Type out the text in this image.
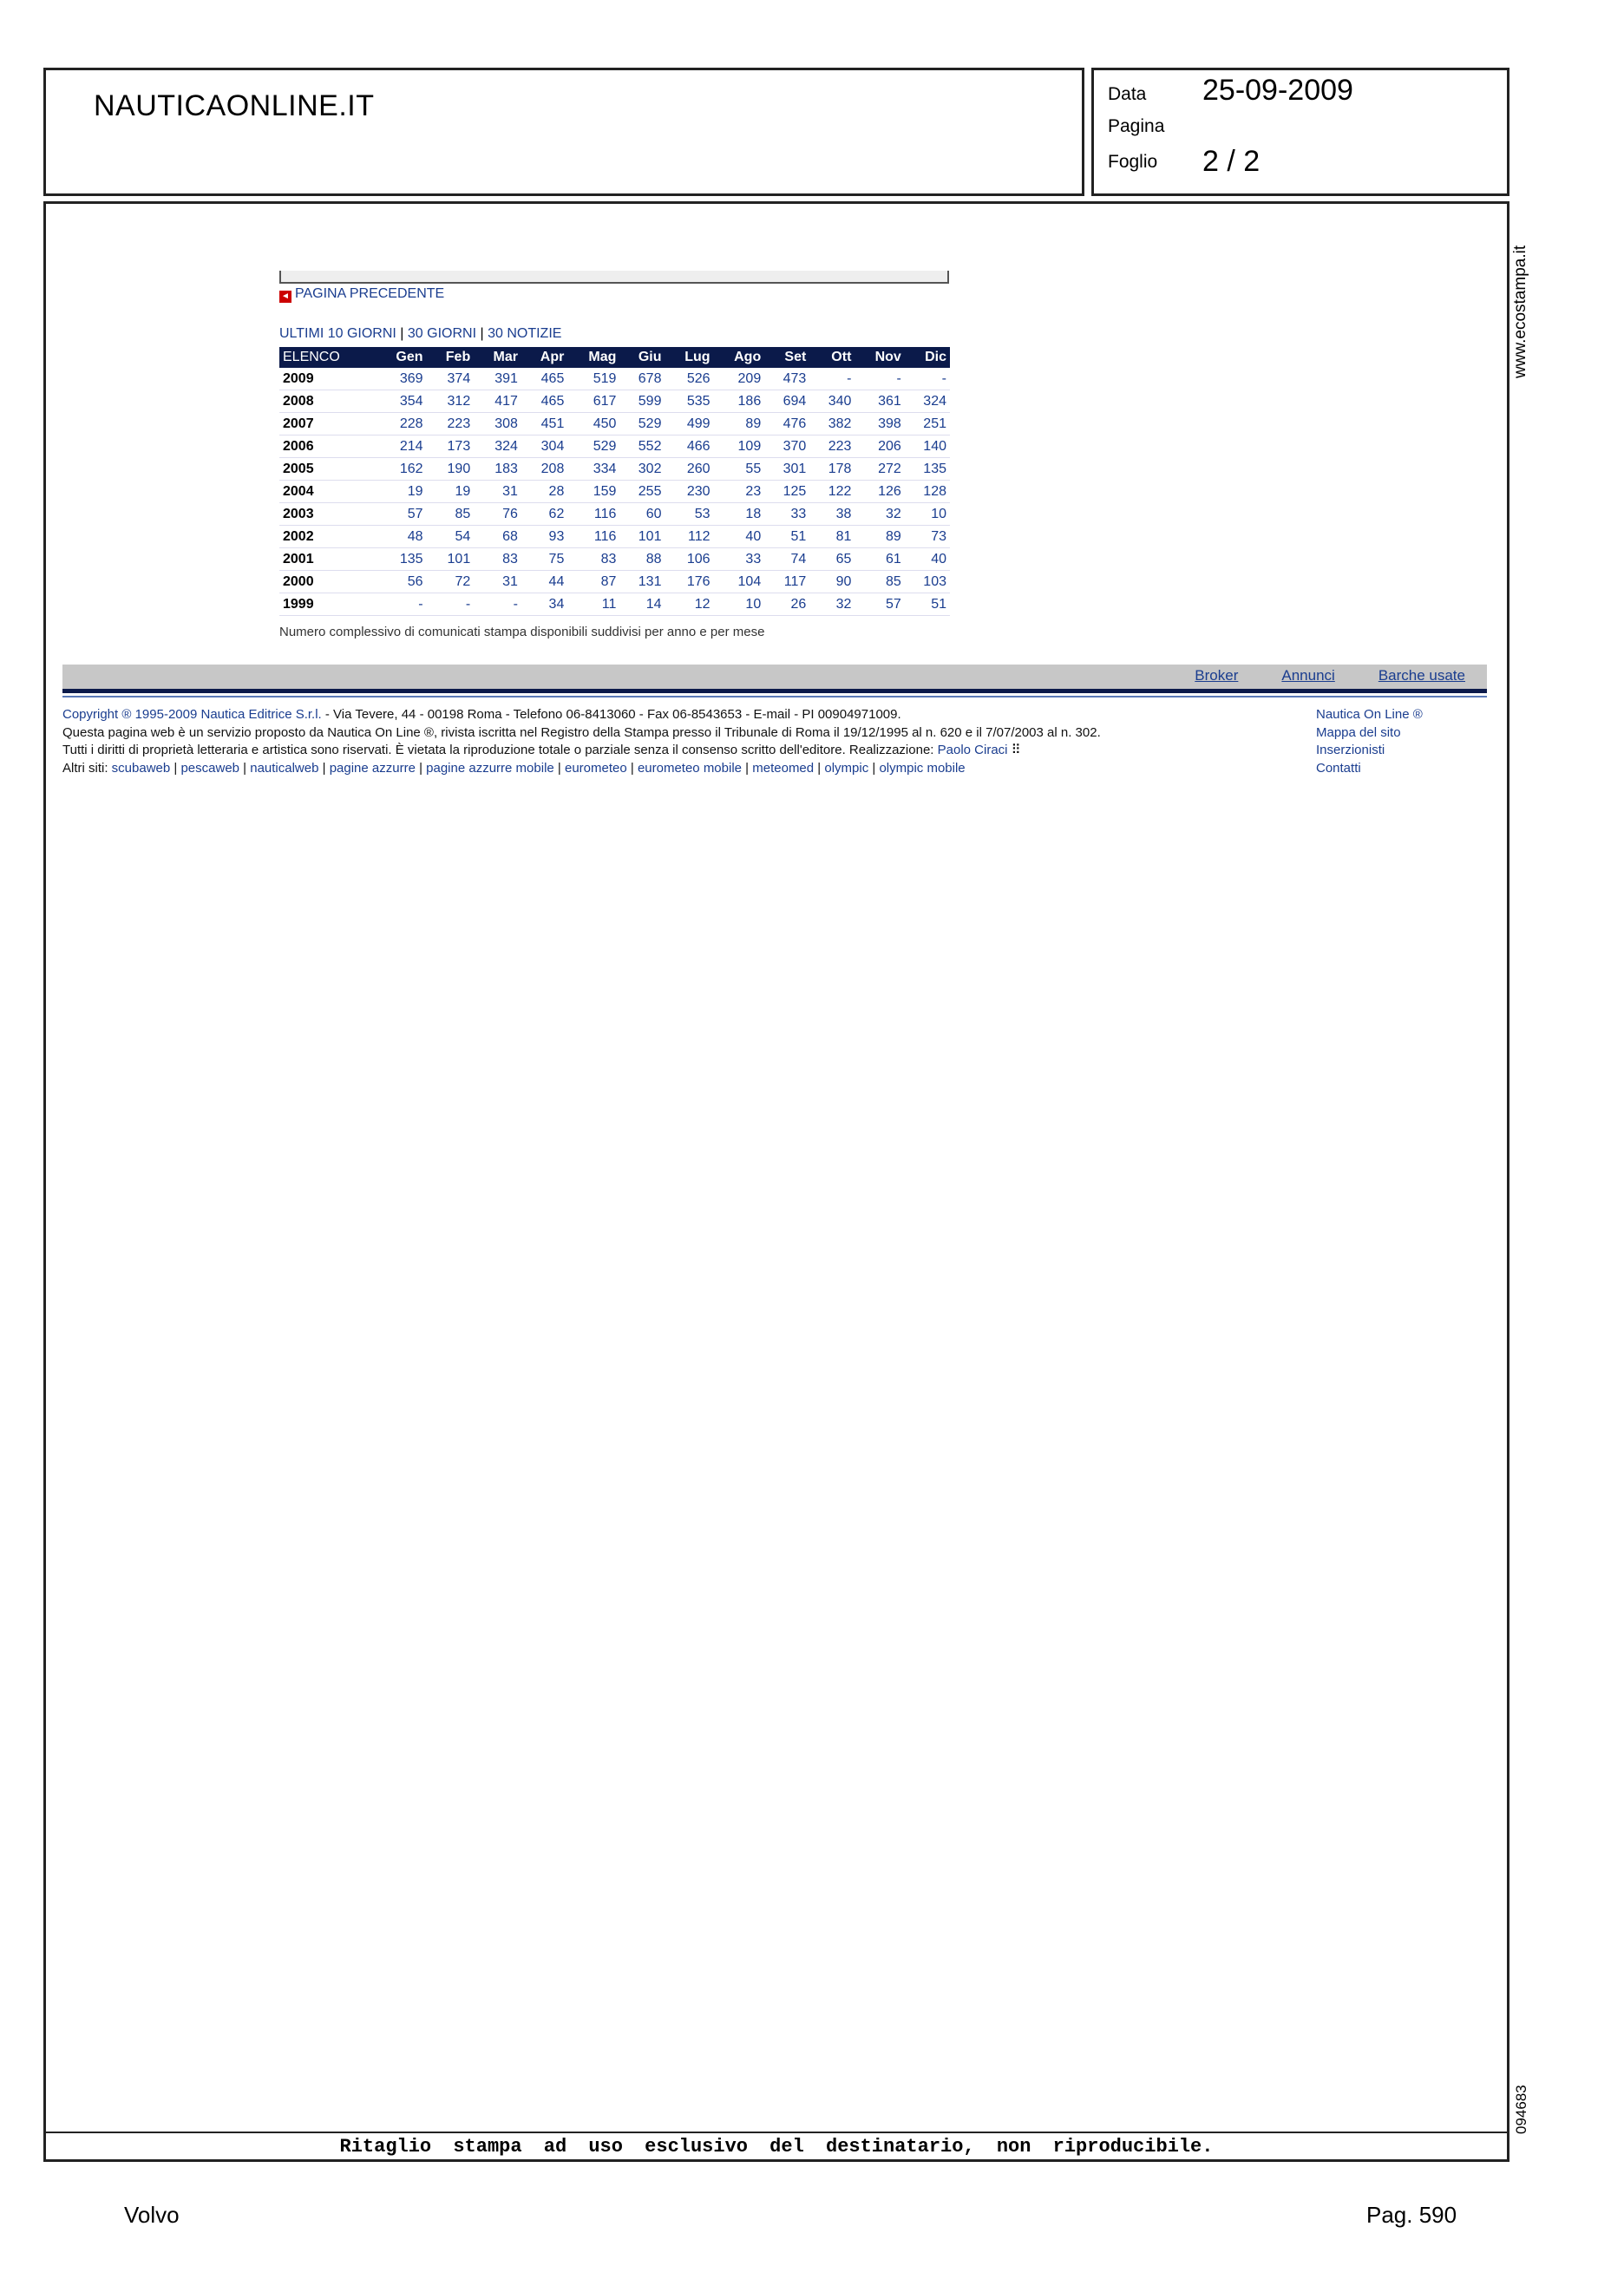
NAUTICAONLINE.IT	Data 25-09-2009
Pagina
Foglio 2 / 2
www.ecostampa.it
094683
◄ PAGINA PRECEDENTE
ULTIMI 10 GIORNI | 30 GIORNI | 30 NOTIZIE
ELENCO	Gen	Feb	Mar	Apr	Mag	Giu	Lug	Ago	Set	Ott	Nov	Dic
2009	369	374	391	465	519	678	526	209	473	-	-	-
2008	354	312	417	465	617	599	535	186	694	340	361	324
2007	228	223	308	451	450	529	499	89	476	382	398	251
2006	214	173	324	304	529	552	466	109	370	223	206	140
2005	162	190	183	208	334	302	260	55	301	178	272	135
2004	19	19	31	28	159	255	230	23	125	122	126	128
2003	57	85	76	62	116	60	53	18	33	38	32	10
2002	48	54	68	93	116	101	112	40	51	81	89	73
2001	135	101	83	75	83	88	106	33	74	65	61	40
2000	56	72	31	44	87	131	176	104	117	90	85	103
1999	-	-	-	34	11	14	12	10	26	32	57	51
Numero complessivo di comunicati stampa disponibili suddivisi per anno e per mese
Broker	Annunci	Barche usate
Copyright ® 1995-2009 Nautica Editrice S.r.l. - Via Tevere, 44 - 00198 Roma - Telefono 06-8413060 - Fax 06-8543653 - E-mail - PI 00904971009.
Questa pagina web è un servizio proposto da Nautica On Line ®, rivista iscritta nel Registro della Stampa presso il Tribunale di Roma il 19/12/1995 al n. 620 e il 7/07/2003 al n. 302.
Tutti i diritti di proprietà letteraria e artistica sono riservati. È vietata la riproduzione totale o parziale senza il consenso scritto dell'editore. Realizzazione: Paolo Ciraci ⠿
Altri siti: scubaweb | pescaweb | nauticalweb | pagine azzurre | pagine azzurre mobile | eurometeo | eurometeo mobile | meteomed | olympic | olympic mobile
Nautica On Line ®
Mappa del sito
Inserzionisti
Contatti
Ritaglio stampa ad uso esclusivo del destinatario, non riproducibile.
Volvo	Pag. 590
